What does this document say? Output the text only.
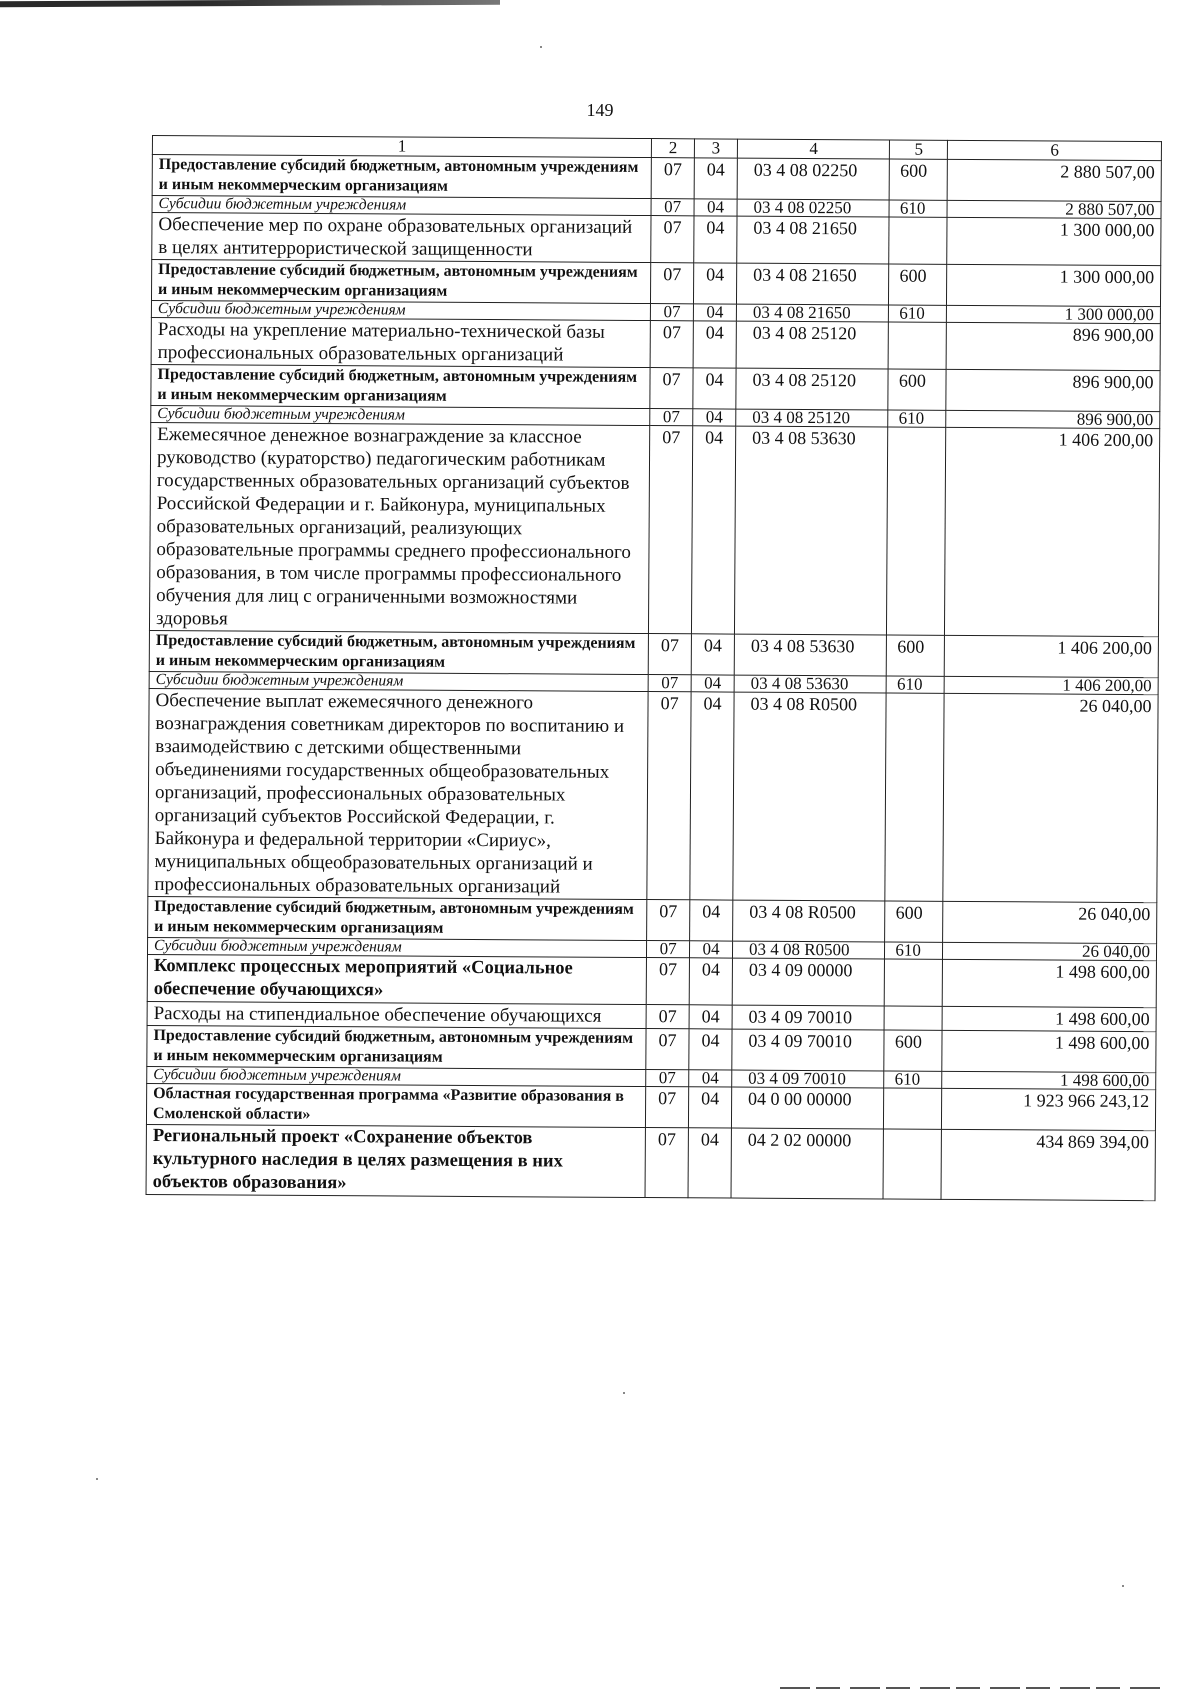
149
1	2	3	4	5	6
Предоставление субсидий бюджетным, автономным учреждениям и иным некоммерческим организациям	07	04	03 4 08 02250	600	2 880 507,00
Субсидии бюджетным учреждениям	07	04	03 4 08 02250	610	2 880 507,00
Обеспечение мер по охране образовательных организаций в целях антитеррористической защищенности	07	04	03 4 08 21650		1 300 000,00
Предоставление субсидий бюджетным, автономным учреждениям и иным некоммерческим организациям	07	04	03 4 08 21650	600	1 300 000,00
Субсидии бюджетным учреждениям	07	04	03 4 08 21650	610	1 300 000,00
Расходы на укрепление материально-технической базы профессиональных образовательных организаций	07	04	03 4 08 25120		896 900,00
Предоставление субсидий бюджетным, автономным учреждениям и иным некоммерческим организациям	07	04	03 4 08 25120	600	896 900,00
Субсидии бюджетным учреждениям	07	04	03 4 08 25120	610	896 900,00
Ежемесячное денежное вознаграждение за классное руководство (кураторство) педагогическим работникам государственных образовательных организаций субъектов Российской Федерации и г. Байконура, муниципальных образовательных организаций, реализующих образовательные программы среднего профессионального образования, в том числе программы профессионального обучения для лиц с ограниченными возможностями здоровья	07	04	03 4 08 53630		1 406 200,00
Предоставление субсидий бюджетным, автономным учреждениям и иным некоммерческим организациям	07	04	03 4 08 53630	600	1 406 200,00
Субсидии бюджетным учреждениям	07	04	03 4 08 53630	610	1 406 200,00
Обеспечение выплат ежемесячного денежного вознаграждения советникам директоров по воспитанию и взаимодействию с детскими общественными объединениями государственных общеобразовательных организаций, профессиональных образовательных организаций субъектов Российской Федерации, г. Байконура и федеральной территории «Сириус», муниципальных общеобразовательных организаций и профессиональных образовательных организаций	07	04	03 4 08 R0500		26 040,00
Предоставление субсидий бюджетным, автономным учреждениям и иным некоммерческим организациям	07	04	03 4 08 R0500	600	26 040,00
Субсидии бюджетным учреждениям	07	04	03 4 08 R0500	610	26 040,00
Комплекс процессных мероприятий «Социальное обеспечение обучающихся»	07	04	03 4 09 00000		1 498 600,00
Расходы на стипендиальное обеспечение обучающихся	07	04	03 4 09 70010		1 498 600,00
Предоставление субсидий бюджетным, автономным учреждениям и иным некоммерческим организациям	07	04	03 4 09 70010	600	1 498 600,00
Субсидии бюджетным учреждениям	07	04	03 4 09 70010	610	1 498 600,00
Областная государственная программа «Развитие образования в Смоленской области»	07	04	04 0 00 00000		1 923 966 243,12
Региональный проект «Сохранение объектов культурного наследия в целях размещения в них объектов образования»	07	04	04 2 02 00000		434 869 394,00
